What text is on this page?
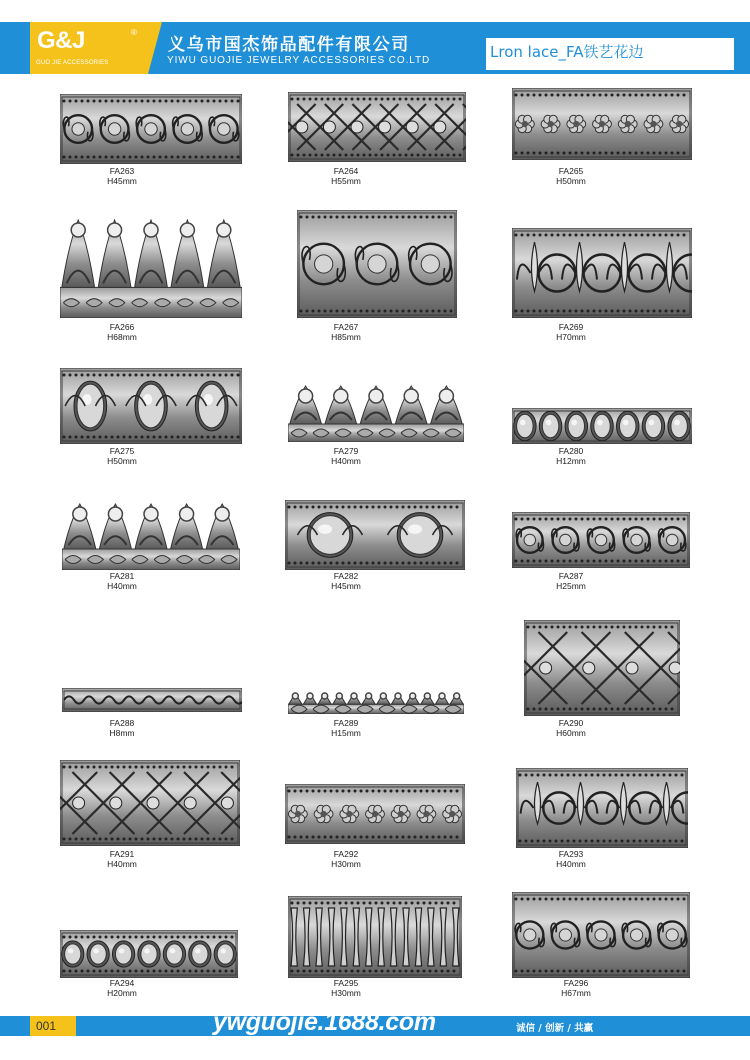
G&J	®
GUO JIE ACCESSORIES
义乌市国杰饰品配件有限公司
YIWU GUOJIE JEWELRY ACCESSORIES CO.LTD	Lron lace_FA铁艺花边
FA263
H45mm
FA264
H55mm
FA265
H50mm
FA266
H68mm
FA267
H85mm
FA269
H70mm
FA275
H50mm
FA279
H40mm
FA280
H12mm
FA281
H40mm
FA282
H45mm
FA287
H25mm
FA288
H8mm
FA289
H15mm
FA290
H60mm
FA291
H40mm
FA292
H30mm
FA293
H40mm
FA294
H20mm
FA295
H30mm
FA296
H67mm
001	ywguojie.1688.com	诚信 / 创新 / 共赢
